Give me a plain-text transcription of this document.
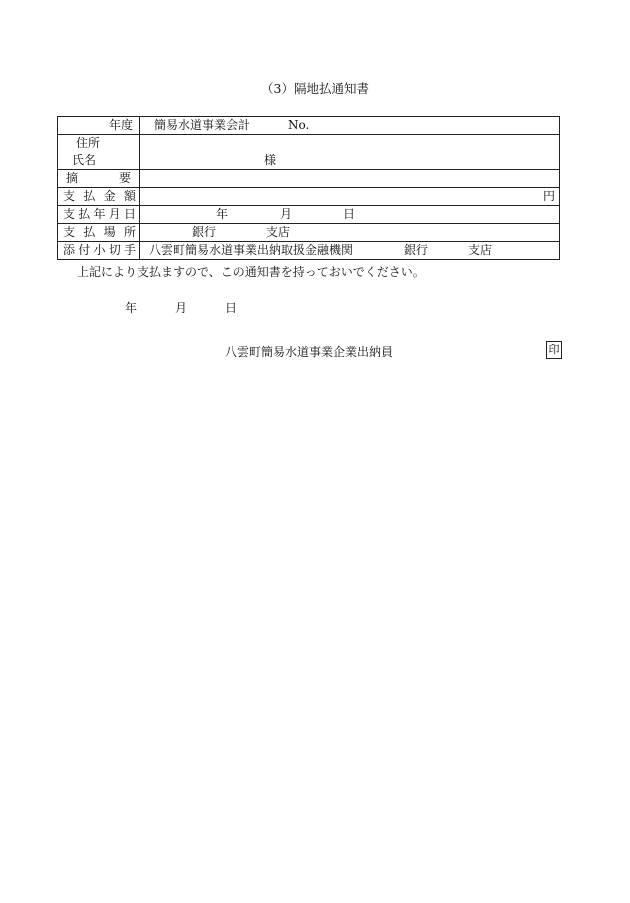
（3）隔地払通知書
年度	簡易水道事業会計 No.

住所
氏名	様

摘 要	

支 払 金 額	円

支 払 年 月 日	年 月 日

支 払 場 所	銀行 支店

添 付 小 切 手	八雲町簡易水道事業出納取扱金融機関 銀行 支店
上記により支払ますので、この通知書を持っておいでください。
年	月	日
八雲町簡易水道事業企業出納員	印
